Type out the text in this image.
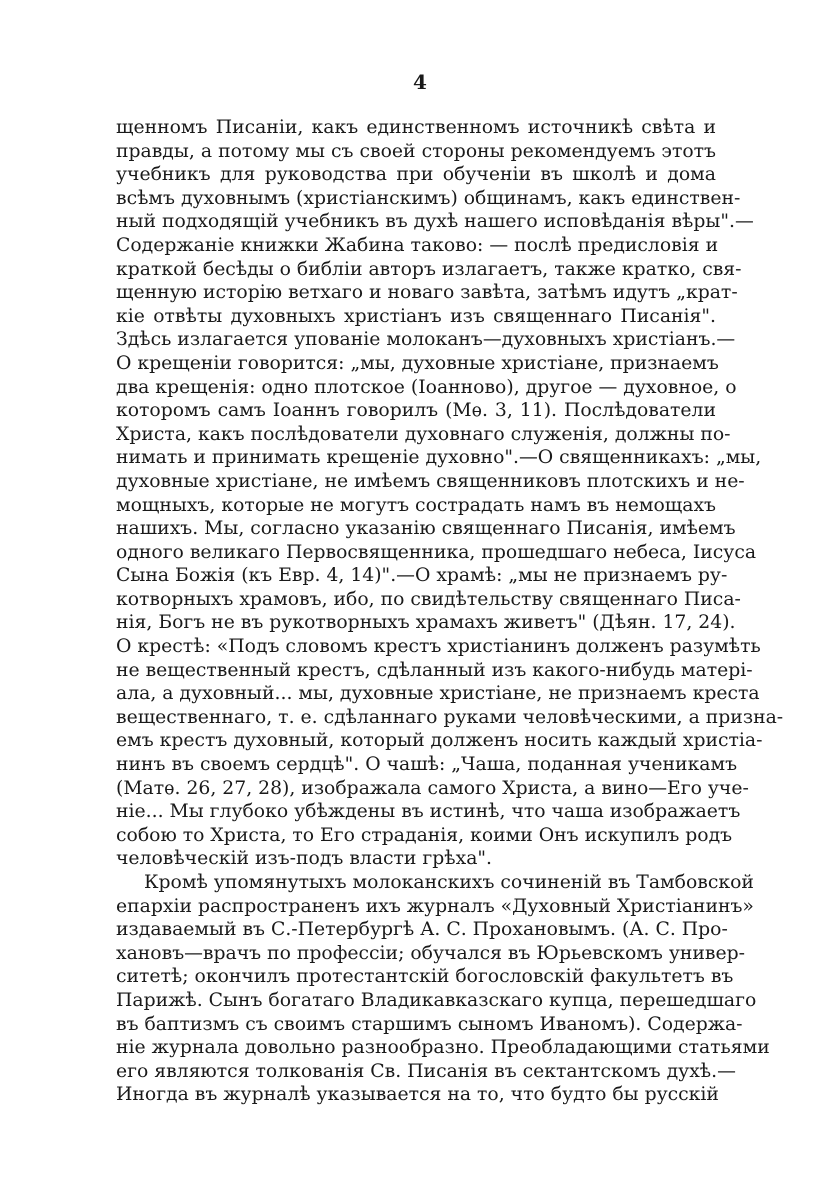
4
щенномъ Писаніи, какъ единственномъ источникѣ свѣта и
правды, а потому мы съ своей стороны рекомендуемъ этотъ
учебникъ для руководства при обученіи въ школѣ и дома
всѣмъ духовнымъ (христіанскимъ) общинамъ, какъ единствен-
ный подходящій учебникъ въ духѣ нашего исповѣданія вѣры".—
Содержаніе книжки Жабина таково: — послѣ предисловія и
краткой бесѣды о библіи авторъ излагаетъ, также кратко, свя-
щенную исторію ветхаго и новаго завѣта, затѣмъ идутъ „крат-
кіе отвѣты духовныхъ христіанъ изъ священнаго Писанія".
Здѣсь излагается упованіе молоканъ—духовныхъ христіанъ.—
О крещеніи говорится: „мы, духовные христіане, признаемъ
два крещенія: одно плотское (Іоанново), другое — духовное, о
которомъ самъ Іоаннъ говорилъ (Мѳ. 3, 11). Послѣдователи
Христа, какъ послѣдователи духовнаго служенія, должны по-
нимать и принимать крещеніе духовно".—О священникахъ: „мы,
духовные христіане, не имѣемъ священниковъ плотскихъ и не-
мощныхъ, которые не могутъ сострадать намъ въ немощахъ
нашихъ. Мы, согласно указанію священнаго Писанія, имѣемъ
одного великаго Первосвященника, прошедшаго небеса, Іисуса
Сына Божія (къ Евр. 4, 14)".—О храмѣ: „мы не признаемъ ру-
котворныхъ храмовъ, ибо, по свидѣтельству священнаго Писа-
нія, Богъ не въ рукотворныхъ храмахъ живетъ" (Дѣян. 17, 24).
О крестѣ: «Подъ словомъ крестъ христіанинъ долженъ разумѣть
не вещественный крестъ, сдѣланный изъ какого-нибудь матері-
ала, а духовный... мы, духовные христіане, не признаемъ креста
вещественнаго, т. е. сдѣланнаго руками человѣческими, а призна-
емъ крестъ духовный, который долженъ носить каждый христіа-
нинъ въ своемъ сердцѣ". О чашѣ: „Чаша, поданная ученикамъ
(Матѳ. 26, 27, 28), изображала самого Христа, а вино—Его уче-
ніе... Мы глубоко убѣждены въ истинѣ, что чаша изображаетъ
собою то Христа, то Его страданія, коими Онъ искупилъ родъ
человѣческій изъ-подъ власти грѣха".
Кромѣ упомянутыхъ молоканскихъ сочиненій въ Тамбовской
епархіи распространенъ ихъ журналъ «Духовный Христіанинъ»
издаваемый въ С.-Петербургѣ А. С. Прохановымъ. (А. С. Про-
хановъ—врачъ по профессіи; обучался въ Юрьевскомъ универ-
ситетѣ; окончилъ протестантскій богословскій факультетъ въ
Парижѣ. Сынъ богатаго Владикавказскаго купца, перешедшаго
въ баптизмъ съ своимъ старшимъ сыномъ Иваномъ). Содержа-
ніе журнала довольно разнообразно. Преобладающими статьями
его являются толкованія Св. Писанія въ сектантскомъ духѣ.—
Иногда въ журналѣ указывается на то, что будто бы русскій
